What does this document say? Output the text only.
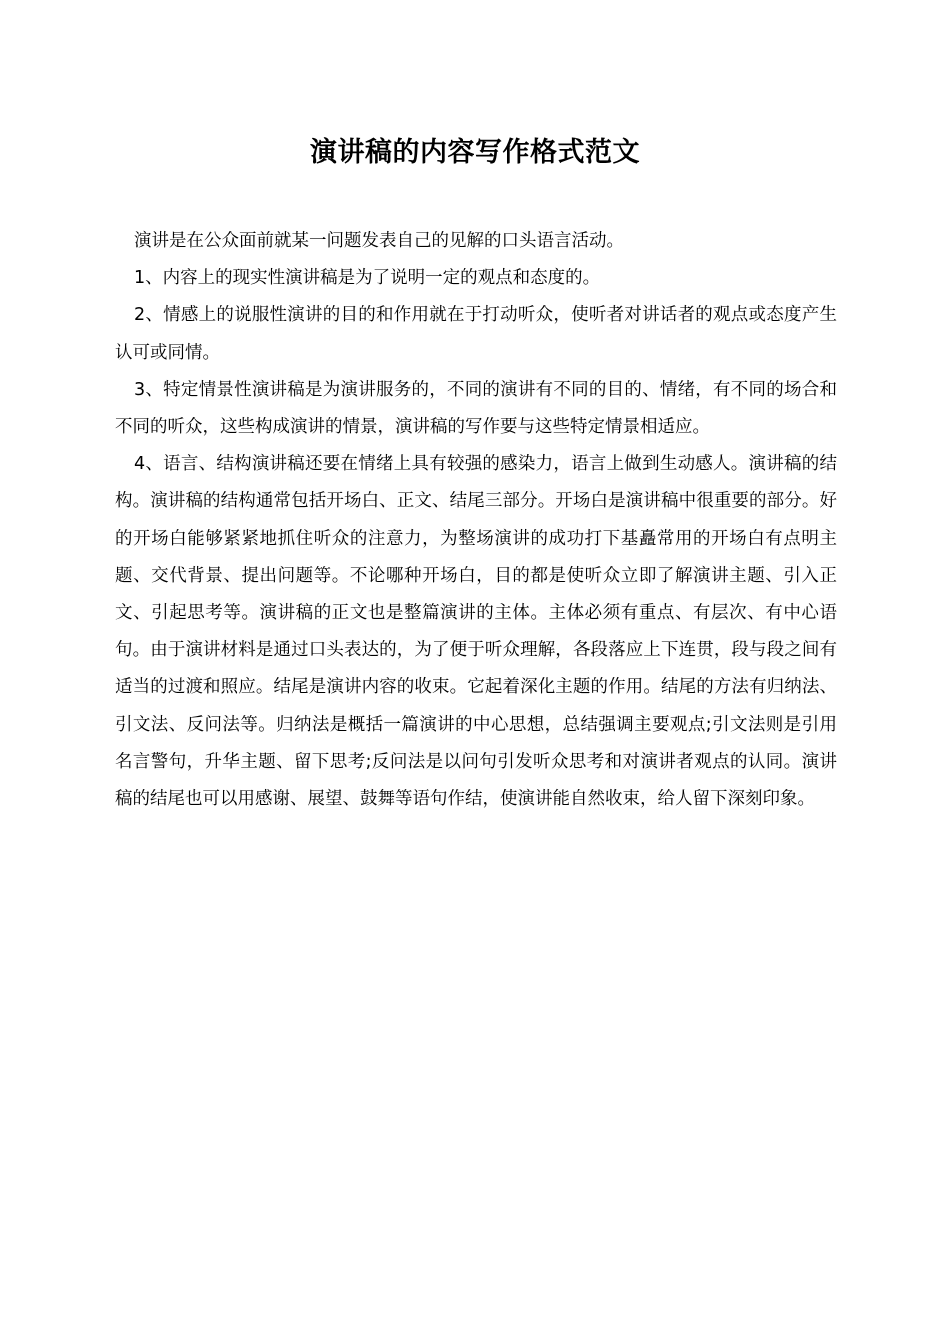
演讲稿的内容写作格式范文

演讲是在公众面前就某一问题发表自己的见解的口头语言活动。

1、内容上的现实性演讲稿是为了说明一定的观点和态度的。

2、情感上的说服性演讲的目的和作用就在于打动听众，使听者对讲话者的观点或态度产生认可或同情。

3、特定情景性演讲稿是为演讲服务的，不同的演讲有不同的目的、情绪，有不同的场合和不同的听众，这些构成演讲的情景，演讲稿的写作要与这些特定情景相适应。

4、语言、结构演讲稿还要在情绪上具有较强的感染力，语言上做到生动感人。演讲稿的结构。演讲稿的结构通常包括开场白、正文、结尾三部分。开场白是演讲稿中很重要的部分。好的开场白能够紧紧地抓住听众的注意力，为整场演讲的成功打下基矗常用的开场白有点明主题、交代背景、提出问题等。不论哪种开场白，目的都是使听众立即了解演讲主题、引入正文、引起思考等。演讲稿的正文也是整篇演讲的主体。主体必须有重点、有层次、有中心语句。由于演讲材料是通过口头表达的，为了便于听众理解，各段落应上下连贯，段与段之间有适当的过渡和照应。结尾是演讲内容的收束。它起着深化主题的作用。结尾的方法有归纳法、引文法、反问法等。归纳法是概括一篇演讲的中心思想，总结强调主要观点;引文法则是引用名言警句，升华主题、留下思考;反问法是以问句引发听众思考和对演讲者观点的认同。演讲稿的结尾也可以用感谢、展望、鼓舞等语句作结，使演讲能自然收束，给人留下深刻印象。
